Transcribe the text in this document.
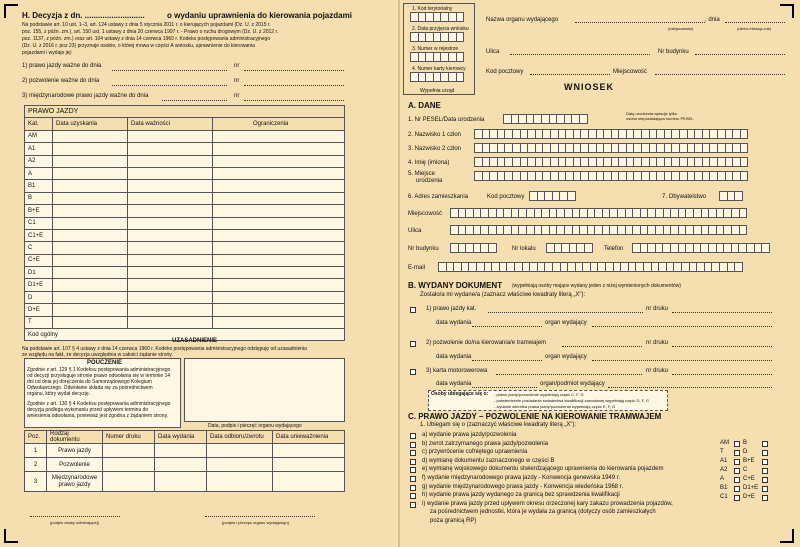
H. Decyzja z dn. ...........................	o wydaniu uprawnienia do kierowania pojazdami
Na podstawie art. 10 ust. 1–3, art. 124 ustawy z dnia 5 stycznia 2011 r. o kierujących pojazdami (Dz. U. z 2015 r.
poz. 155, z późn. zm.), art. 150 ust. 1 ustawy z dnia 20 czerwca 1997 r. - Prawo o ruchu drogowym (Dz. U. z 2012 r.
poz. 1137, z późn. zm.) oraz art. 104 ustawy z dnia 14 czerwca 1960 r. Kodeks postępowania administracyjnego
(Dz. U. z 2016 r. poz 23) przyznaje osobie, o której mowa w części A wniosku, uprawnienie do kierowania
pojazdami i wydaje jej:
1) prawo jazdy ważne do dnia	nr
2) pozwolenie ważne do dnia	nr
3) międzynarodowe prawo jazdy ważne do dnia	nr
PRAWO JAZDY			
Kat.	Data uzyskania	Data ważności	Ograniczenia
AM			
A1			
A2			
A			
B1			
B			
B+E			
C1			
C1+E			
C			
C+E			
D1			
D1+E			
D			
D+E			
T			
Kod ogólny			
UZASADNIENIE
Na podstawie art. 107 § 4 ustawy z dnia 14 czerwca 1960 r. Kodeks postępowania administracyjnego odstępuję od uzasadnienia
ze względu na fakt, że decyzja uwzględnia w całości żądanie strony.
POUCZENIE
Zgodnie z art. 129 § 1 Kodeksu postępowania administracyjnego
od decyzji przysługuje stronie prawo odwołania się w terminie 14
dni od dnia jej doręczenia do Samorządowego Kolegium
Odwoławczego. Odwołanie składa się za pośrednictwem
organu, który wydał decyzję.
Zgodnie z art. 130 § 4 Kodeksu postępowania administracyjnego
decyzja podlega wykonaniu przed upływem terminu do
wniesienia odwołania, ponieważ jest zgodna z żądaniem strony.
Data, podpis i pieczęć organu wydającego
Poz.	Rodzaj dokumentu	Numer druku	Data wydania	Data odbioru/zwrotu	Data unieważnienia
1	Prawo jazdy				
2	Pozwolenie				
3	Międzynarodowe prawo jazdy				
(podpis osoby odbierającej)	(podpis i pieczęć organu wydającego)
1. Kod terytorialny
2. Data przyjęcia wniosku
3. Numer w rejestrze
4. Numer karty kierowcy
Wypełnia urząd
Nazwa organu wydającego	, dnia
(miejscowość)	(dzień-miesiąc-rok)
Ulica	Nr budynku
Kod pocztowy	Miejscowość
WNIOSEK
A. DANE
Datę urodzenia wpisuje tylko
osoba nieposiadająca numeru PESEL
1. Nr PESEL/Data urodzenia
2. Nazwisko 1 człon
3. Nazwisko 2 człon
4. Imię (imiona)
5. Miejsce
urodzenia
6. Adres zamieszkania	Kod pocztowy	7. Obywatelstwo
Miejscowość
Ulica
Nr budynku	Nr lokalu	Telefon
E-mail
B. WYDANY DOKUMENT (wypełniają osoby mające wydany jeden z niżej wymienionych dokumentów)
Zostało/a mi wydane/a (zaznacz właściwe kwadraty literą „X"):
1) prawo jazdy kat.	nr druku
data wydania	organ wydający
2) pozwolenie do/na kierowania/e tramwajem	nr druku
data wydania	organ wydający
3) karta motorowerowa	nr druku
data wydania	organ/podmiot wydający
Osoby ubiegające się o: - prawo jazdy/pozwolenie wypełniają część C, F, G
- potwierdzenie posiadania świadectwa kwalifikacji zawodowej wypełniają część D, F, G
- wydanie wtórnika prawa jazdy/pozwolenia wypełniają część E, F, G
C. PRAWO JAZDY – POZWOLENIE NA KIEROWANIE TRAMWAJEM
1. Ubiegam się o (zaznaczyć właściwe kwadraty literą „X"):
a) wydanie prawa jazdy/pozwolenia
b) zwrot zatrzymanego prawa jazdy/pozwolenia
c) przywrócenie cofniętego uprawnienia
d) wymianę dokumentu zaznaczonego w części B
e) wymianę wojskowego dokumentu stwierdzającego uprawnienia do kierowania pojazdem
f) wydanie międzynarodowego prawa jazdy - Konwencja genewska 1949 r.
g) wydanie międzynarodowego prawa jazdy - Konwencja wiedeńska 1968 r.
h) wydanie prawa jazdy wydanego za granicą bez sprawdzenia kwalifikacji
i) wydanie prawa jazdy przed upływem okresu orzeczonej kary zakazu prowadzenia pojazdów,
za pośrednictwem jednostki, która je wydała za granicą (dotyczy osób zamieszkałych
poza granicą RP)
AM B
T	D
A1	B+E
A2	C
A	C+E
B1	D1+E
C1	D+E
